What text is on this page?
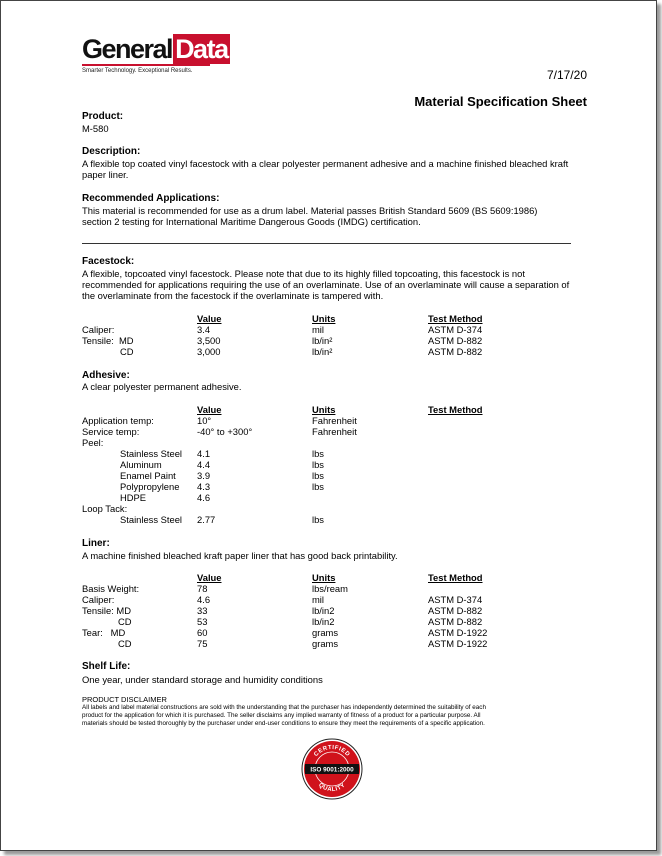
General Data
Smarter Technology. Exceptional Results.	7/17/20
Material Specification Sheet
Product:
M-580
Description:
A flexible top coated vinyl facestock with a clear polyester permanent adhesive and a machine finished bleached kraft
paper liner.
Recommended Applications:
This material is recommended for use as a drum label. Material passes British Standard 5609 (BS 5609:1986)
section 2 testing for International Maritime Dangerous Goods (IMDG) certification.
Facestock:
A flexible, topcoated vinyl facestock. Please note that due to its highly filled topcoating, this facestock is not
recommended for applications requiring the use of an overlaminate. Use of an overlaminate will cause a separation of
the overlaminate from the facestock if the overlaminate is tampered with.
Value	Units	Test Method
Caliper:	3.4	mil	ASTM D-374
Tensile:  MD	3,500	lb/in²	ASTM D-882
CD	3,000	lb/in²	ASTM D-882
Adhesive:
A clear polyester permanent adhesive.
Value	Units	Test Method
Application temp:	10°	Fahrenheit
Service temp:	-40° to +300°	Fahrenheit
Peel:
Stainless Steel 4.1	lbs
Aluminum	4.4	lbs
Enamel Paint 3.9	lbs
Polypropylene 4.3	lbs
HDPE	4.6
Loop Tack:
Stainless Steel 2.77	lbs
Liner:
A machine finished bleached kraft paper liner that has good back printability.
Value	Units	Test Method
Basis Weight:	78	lbs/ream
Caliper:	4.6	mil	ASTM D-374
Tensile: MD	33	lb/in2	ASTM D-882
CD	53	lb/in2	ASTM D-882
Tear:   MD	60	grams	ASTM D-1922
CD	75	grams	ASTM D-1922
Shelf Life:
One year, under standard storage and humidity conditions
PRODUCT DISCLAIMER
All labels and label material constructions are sold with the understanding that the purchaser has independently determined the suitability of each
product for the application for which it is purchased. The seller disclaims any implied warranty of fitness of a product for a particular purpose. All
materials should be tested thoroughly by the purchaser under end-user conditions to ensure they meet the requirements of a specific application.
CERTIFIED
ISO 9001:2000
QUALITY
